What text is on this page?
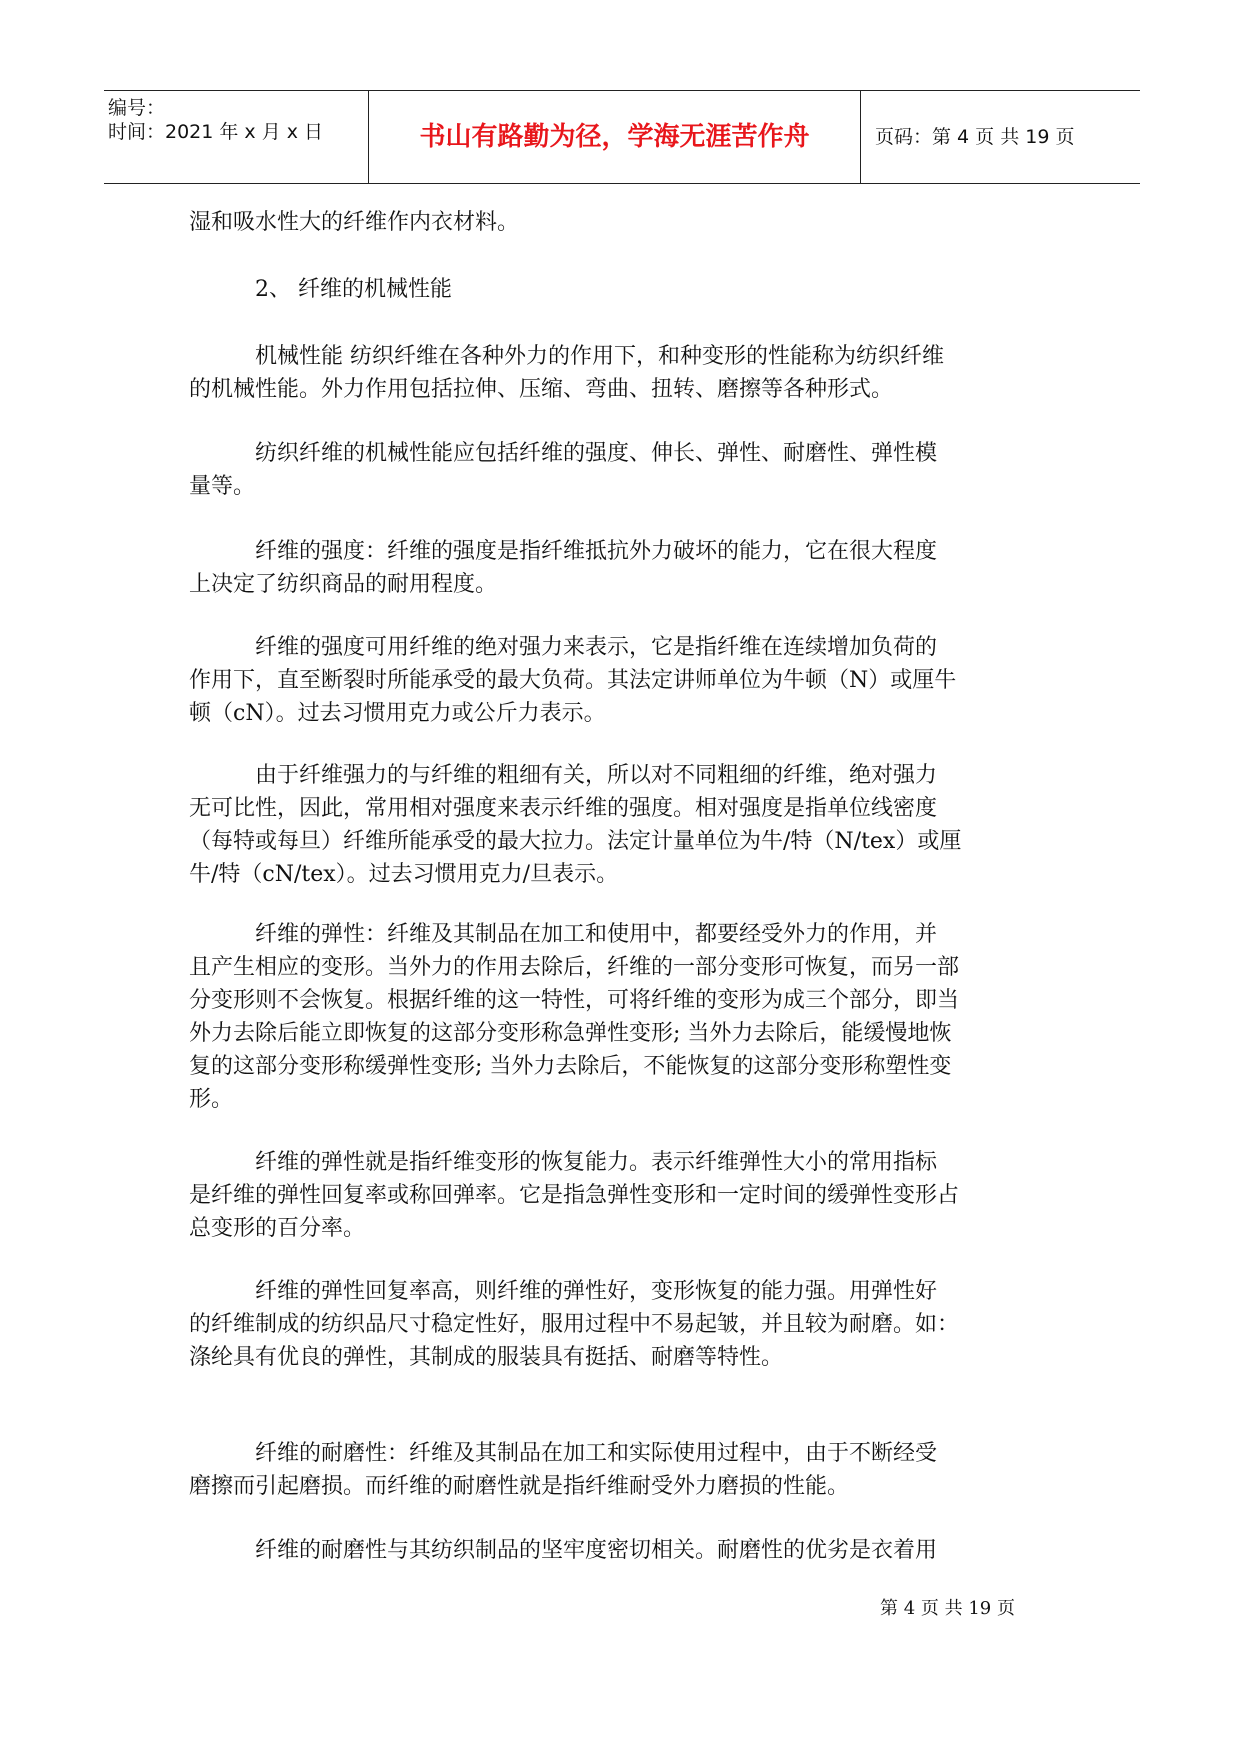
编号：
时间：2021 年 x 月 x 日	书山有路勤为径，学海无涯苦作舟	页码：第 4 页 共 19 页
湿和吸水性大的纤维作内衣材料。
　　　2、 纤维的机械性能
　　　机械性能 纺织纤维在各种外力的作用下，和种变形的性能称为纺织纤维
的机械性能。外力作用包括拉伸、压缩、弯曲、扭转、磨擦等各种形式。
　　　纺织纤维的机械性能应包括纤维的强度、伸长、弹性、耐磨性、弹性模
量等。
　　　纤维的强度：纤维的强度是指纤维抵抗外力破坏的能力，它在很大程度
上决定了纺织商品的耐用程度。
　　　纤维的强度可用纤维的绝对强力来表示，它是指纤维在连续增加负荷的
作用下，直至断裂时所能承受的最大负荷。其法定讲师单位为牛顿（N）或厘牛
顿（cN）。过去习惯用克力或公斤力表示。
　　　由于纤维强力的与纤维的粗细有关，所以对不同粗细的纤维，绝对强力
无可比性，因此，常用相对强度来表示纤维的强度。相对强度是指单位线密度
（每特或每旦）纤维所能承受的最大拉力。法定计量单位为牛/特（N/tex）或厘
牛/特（cN/tex）。过去习惯用克力/旦表示。
　　　纤维的弹性：纤维及其制品在加工和使用中，都要经受外力的作用，并
且产生相应的变形。当外力的作用去除后，纤维的一部分变形可恢复，而另一部
分变形则不会恢复。根据纤维的这一特性，可将纤维的变形为成三个部分，即当
外力去除后能立即恢复的这部分变形称急弹性变形; 当外力去除后，能缓慢地恢
复的这部分变形称缓弹性变形; 当外力去除后，不能恢复的这部分变形称塑性变
形。
　　　纤维的弹性就是指纤维变形的恢复能力。表示纤维弹性大小的常用指标
是纤维的弹性回复率或称回弹率。它是指急弹性变形和一定时间的缓弹性变形占
总变形的百分率。
　　　纤维的弹性回复率高，则纤维的弹性好，变形恢复的能力强。用弹性好
的纤维制成的纺织品尺寸稳定性好，服用过程中不易起皱，并且较为耐磨。如：
涤纶具有优良的弹性，其制成的服装具有挺括、耐磨等特性。
　　　纤维的耐磨性：纤维及其制品在加工和实际使用过程中，由于不断经受
磨擦而引起磨损。而纤维的耐磨性就是指纤维耐受外力磨损的性能。
　　　纤维的耐磨性与其纺织制品的坚牢度密切相关。耐磨性的优劣是衣着用
第 4 页 共 19 页
